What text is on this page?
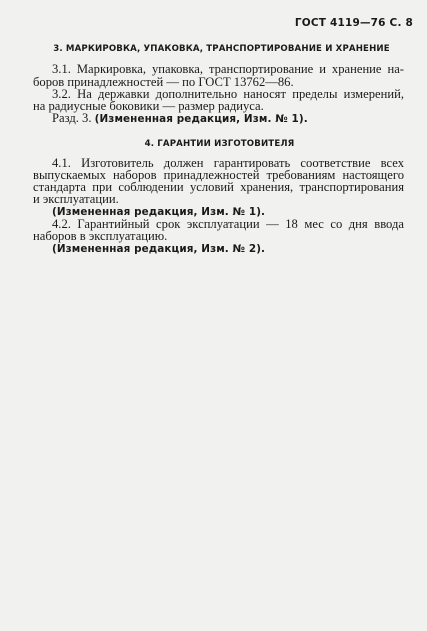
ГОСТ 4119—76 С. 8
3. МАРКИРОВКА, УПАКОВКА, ТРАНСПОРТИРОВАНИЕ И ХРАНЕНИЕ
3.1. Маркировка, упаковка, транспортирование и хранение на-
боров принадлежностей — по ГОСТ 13762—86.
3.2. На державки дополнительно наносят пределы измерений,
на радиусные боковики — размер радиуса.
Разд. 3. (Измененная редакция, Изм. № 1).
4. ГАРАНТИИ ИЗГОТОВИТЕЛЯ
4.1. Изготовитель должен гарантировать соответствие всех
выпускаемых наборов принадлежностей требованиям настоящего
стандарта при соблюдении условий хранения, транспортирования
и эксплуатации.
(Измененная редакция, Изм. № 1).
4.2. Гарантийный срок эксплуатации — 18 мес со дня ввода
наборов в эксплуатацию.
(Измененная редакция, Изм. № 2).
